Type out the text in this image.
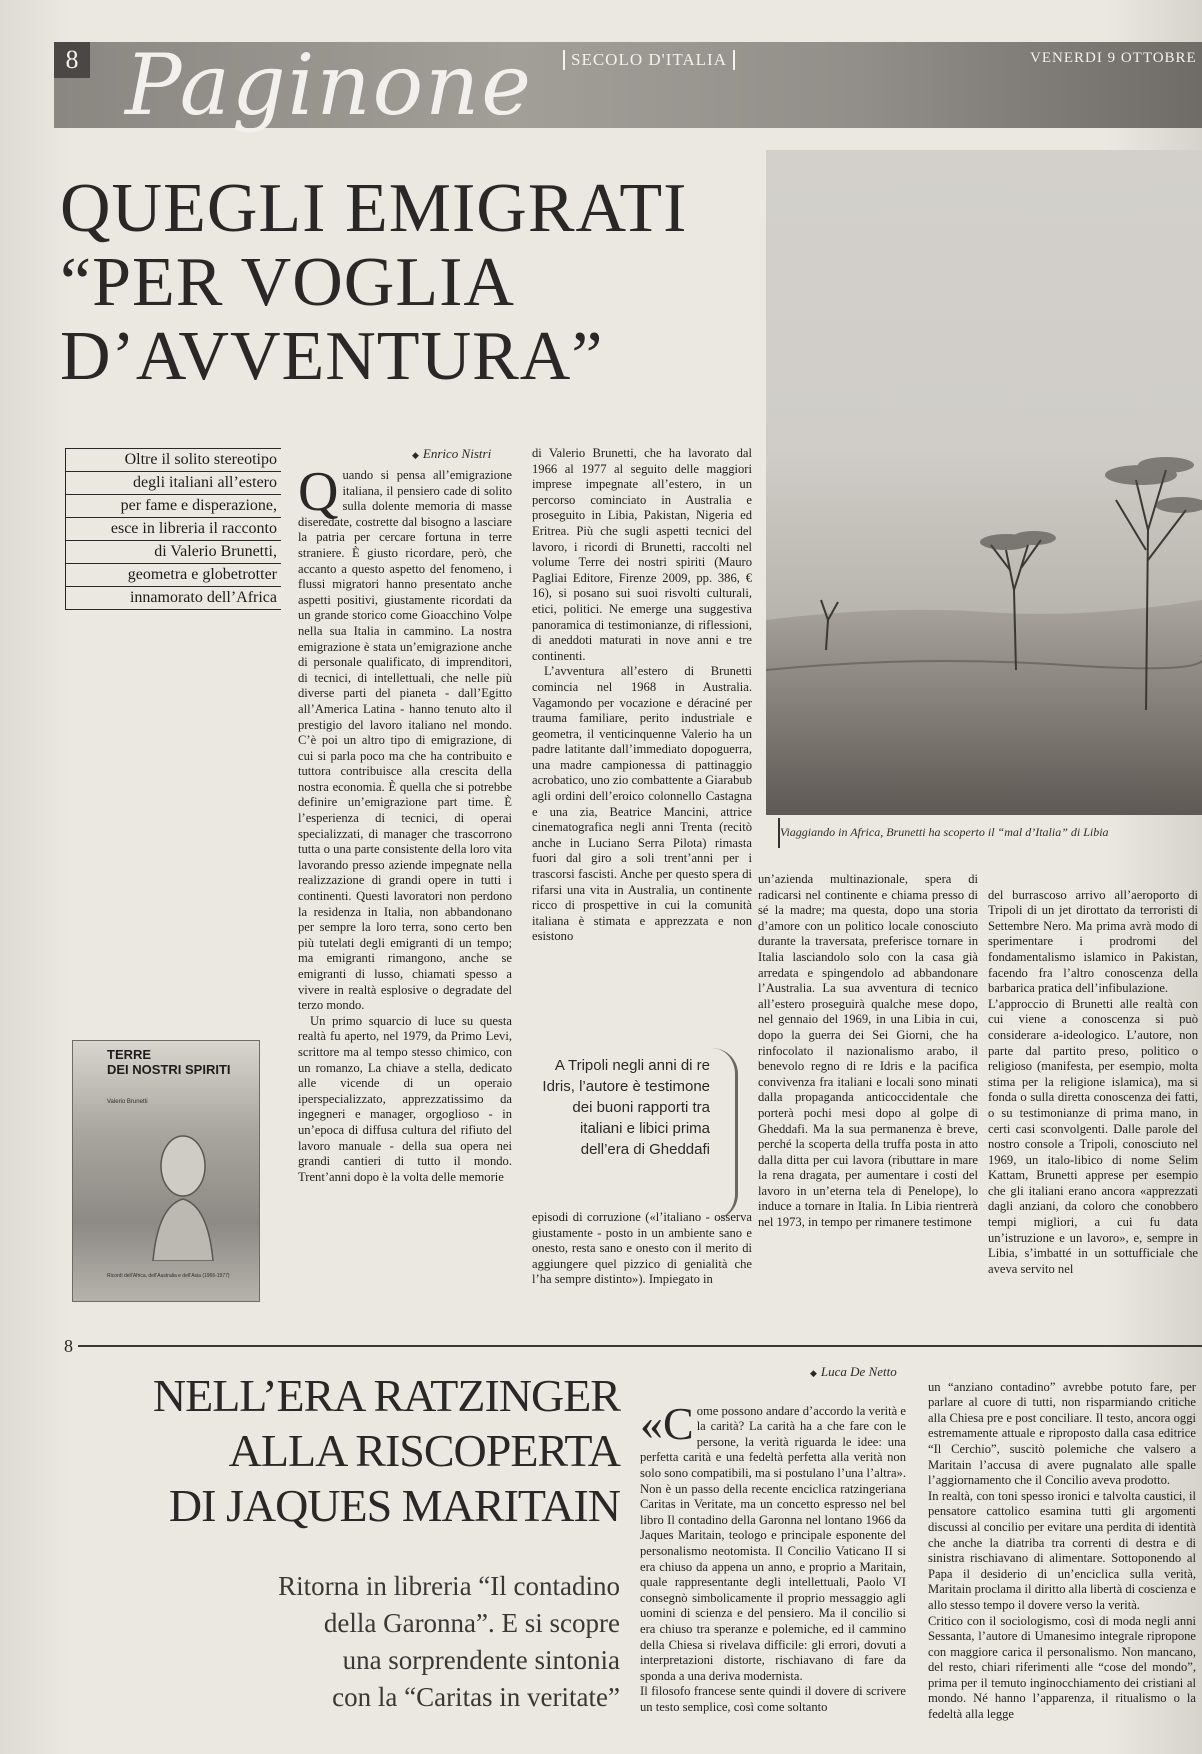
8 Paginone	SECOLO D'ITALIA	VENERDI 9 OTTOBRE
QUEGLI EMIGRATI
“PER VOGLIA
D’AVVENTURA”
Viaggiando in Africa, Brunetti ha scoperto il “mal d’Italia” di Libia
Oltre il solito stereotipo
degli italiani all’estero
per fame e disperazione,
esce in libreria il racconto
di Valerio Brunetti,
geometra e globetrotter
innamorato dell’Africa
◆ Enrico Nistri

Quando si pensa all’emigrazione italiana, il pensiero cade di solito sulla dolente memoria di masse diseredate, costrette dal bisogno a lasciare la patria per cercare fortuna in terre straniere. È giusto ricordare, però, che accanto a questo aspetto del fenomeno, i flussi migratori hanno presentato anche aspetti positivi, giustamente ricordati da un grande storico come Gioacchino Volpe nella sua Italia in cammino. La nostra emigrazione è stata un’emigrazione anche di personale qualificato, di imprenditori, di tecnici, di intellettuali, che nelle più diverse parti del pianeta - dall’Egitto all’America Latina - hanno tenuto alto il prestigio del lavoro italiano nel mondo. C’è poi un altro tipo di emigrazione, di cui si parla poco ma che ha contribuito e tuttora contribuisce alla crescita della nostra economia. È quella che si potrebbe definire un’emigrazione part time. È l’esperienza di tecnici, di operai specializzati, di manager che trascorrono tutta o una parte consistente della loro vita lavorando presso aziende impegnate nella realizzazione di grandi opere in tutti i continenti. Questi lavoratori non perdono la residenza in Italia, non abbandonano per sempre la loro terra, sono certo ben più tutelati degli emigranti di un tempo; ma emigranti rimangono, anche se emigranti di lusso, chiamati spesso a vivere in realtà esplosive o degradate del terzo mondo.

Un primo squarcio di luce su questa realtà fu aperto, nel 1979, da Primo Levi, scrittore ma al tempo stesso chimico, con un romanzo, La chiave a stella, dedicato alle vicende di un operaio iperspecializzato, apprezzatissimo da ingegneri e manager, orgoglioso - in un’epoca di diffusa cultura del rifiuto del lavoro manuale - della sua opera nei grandi cantieri di tutto il mondo. Trent’anni dopo è la volta delle memorie

di Valerio Brunetti, che ha lavorato dal 1966 al 1977 al seguito delle maggiori imprese impegnate all’estero, in un percorso cominciato in Australia e proseguito in Libia, Pakistan, Nigeria ed Eritrea. Più che sugli aspetti tecnici del lavoro, i ricordi di Brunetti, raccolti nel volume Terre dei nostri spiriti (Mauro Pagliai Editore, Firenze 2009, pp. 386, € 16), si posano sui suoi risvolti culturali, etici, politici. Ne emerge una suggestiva panoramica di testimonianze, di riflessioni, di aneddoti maturati in nove anni e tre continenti.

L’avventura all’estero di Brunetti comincia nel 1968 in Australia. Vagamondo per vocazione e déraciné per trauma familiare, perito industriale e geometra, il venticinquenne Valerio ha un padre latitante dall’immediato dopoguerra, una madre campionessa di pattinaggio acrobatico, uno zio combattente a Giarabub agli ordini dell’eroico colonnello Castagna e una zia, Beatrice Mancini, attrice cinematografica negli anni Trenta (recitò anche in Luciano Serra Pilota) rimasta fuori dal giro a soli trent’anni per i trascorsi fascisti. Anche per questo spera di rifarsi una vita in Australia, un continente ricco di prospettive in cui la comunità italiana è stimata e apprezzata e non esistono

A Tripoli negli anni di re Idris, l’autore è testimone dei buoni rapporti tra italiani e libici prima dell’era di Gheddafi

episodi di corruzione («l’italiano - osserva giustamente - posto in un ambiente sano e onesto, resta sano e onesto con il merito di aggiungere quel pizzico di genialità che l’ha sempre distinto»). Impiegato in

un’azienda multinazionale, spera di radicarsi nel continente e chiama presso di sé la madre; ma questa, dopo una storia d’amore con un politico locale conosciuto durante la traversata, preferisce tornare in Italia lasciandolo solo con la casa già arredata e spingendolo ad abbandonare l’Australia. La sua avventura di tecnico all’estero proseguirà qualche mese dopo, nel gennaio del 1969, in una Libia in cui, dopo la guerra dei Sei Giorni, che ha rinfocolato il nazionalismo arabo, il benevolo regno di re Idris e la pacifica convivenza fra italiani e locali sono minati dalla propaganda anticoccidentale che porterà pochi mesi dopo al golpe di Gheddafi. Ma la sua permanenza è breve, perché la scoperta della truffa posta in atto dalla ditta per cui lavora (ributtare in mare la rena dragata, per aumentare i costi del lavoro in un’eterna tela di Penelope), lo induce a tornare in Italia. In Libia rientrerà nel 1973, in tempo per rimanere testimone

del burrascoso arrivo all’aeroporto di Tripoli di un jet dirottato da terroristi di Settembre Nero. Ma prima avrà modo di sperimentare i prodromi del fondamentalismo islamico in Pakistan, facendo fra l’altro conoscenza della barbarica pratica dell’infibulazione.
L’approccio di Brunetti alle realtà con cui viene a conoscenza si può considerare a-ideologico. L’autore, non parte dal partito preso, politico o religioso (manifesta, per esempio, molta stima per la religione islamica), ma si fonda o sulla diretta conoscenza dei fatti, o su testimonianze di prima mano, in certi casi sconvolgenti. Dalle parole del nostro console a Tripoli, conosciuto nel 1969, un italo-libico di nome Selim Kattam, Brunetti apprese per esempio che gli italiani erano ancora «apprezzati dagli anziani, da coloro che conobbero tempi migliori, a cui fu data un’istruzione e un lavoro», e, sempre in Libia, s’imbatté in un sottufficiale che aveva servito nel

TERRE
DEI NOSTRI SPIRITI
Valerio Brunetti
Ricordi dell’Africa, dell’Australia e dell’Asia (1966-1977)
8
NELL’ERA RATZINGER
ALLA RISCOPERTA
DI JAQUES MARITAIN
Ritorna in libreria “Il contadino
della Garonna”. E si scopre
una sorprendente sintonia
con la “Caritas in veritate”
◆ Luca De Netto

«Come possono andare d’accordo la verità e la carità? La carità ha a che fare con le persone, la verità riguarda le idee: una perfetta carità e una fedeltà perfetta alla verità non solo sono compatibili, ma si postulano l’una l’altra». Non è un passo della recente enciclica ratzingeriana Caritas in Veritate, ma un concetto espresso nel bel libro Il contadino della Garonna nel lontano 1966 da Jaques Maritain, teologo e principale esponente del personalismo neotomista. Il Concilio Vaticano II si era chiuso da appena un anno, e proprio a Maritain, quale rappresentante degli intellettuali, Paolo VI consegnò simbolicamente il proprio messaggio agli uomini di scienza e del pensiero. Ma il concilio si era chiuso tra speranze e polemiche, ed il cammino della Chiesa si rivelava difficile: gli errori, dovuti a interpretazioni distorte, rischiavano di fare da sponda a una deriva modernista.
Il filosofo francese sente quindi il dovere di scrivere un testo semplice, così come soltanto

un “anziano contadino” avrebbe potuto fare, per parlare al cuore di tutti, non risparmiando critiche alla Chiesa pre e post conciliare. Il testo, ancora oggi estremamente attuale e riproposto dalla casa editrice “Il Cerchio”, suscitò polemiche che valsero a Maritain l’accusa di avere pugnalato alle spalle l’aggiornamento che il Concilio aveva prodotto.
In realtà, con toni spesso ironici e talvolta caustici, il pensatore cattolico esamina tutti gli argomenti discussi al concilio per evitare una perdita di identità che anche la diatriba tra correnti di destra e di sinistra rischiavano di alimentare. Sottoponendo al Papa il desiderio di un’enciclica sulla verità, Maritain proclama il diritto alla libertà di coscienza e allo stesso tempo il dovere verso la verità.
Critico con il sociologismo, così di moda negli anni Sessanta, l’autore di Umanesimo integrale ripropone con maggiore carica il personalismo. Non mancano, del resto, chiari riferimenti alle “cose del mondo”, prima per il temuto inginocchiamento dei cristiani al mondo. Né hanno l’apparenza, il ritualismo o la fedeltà alla legge
